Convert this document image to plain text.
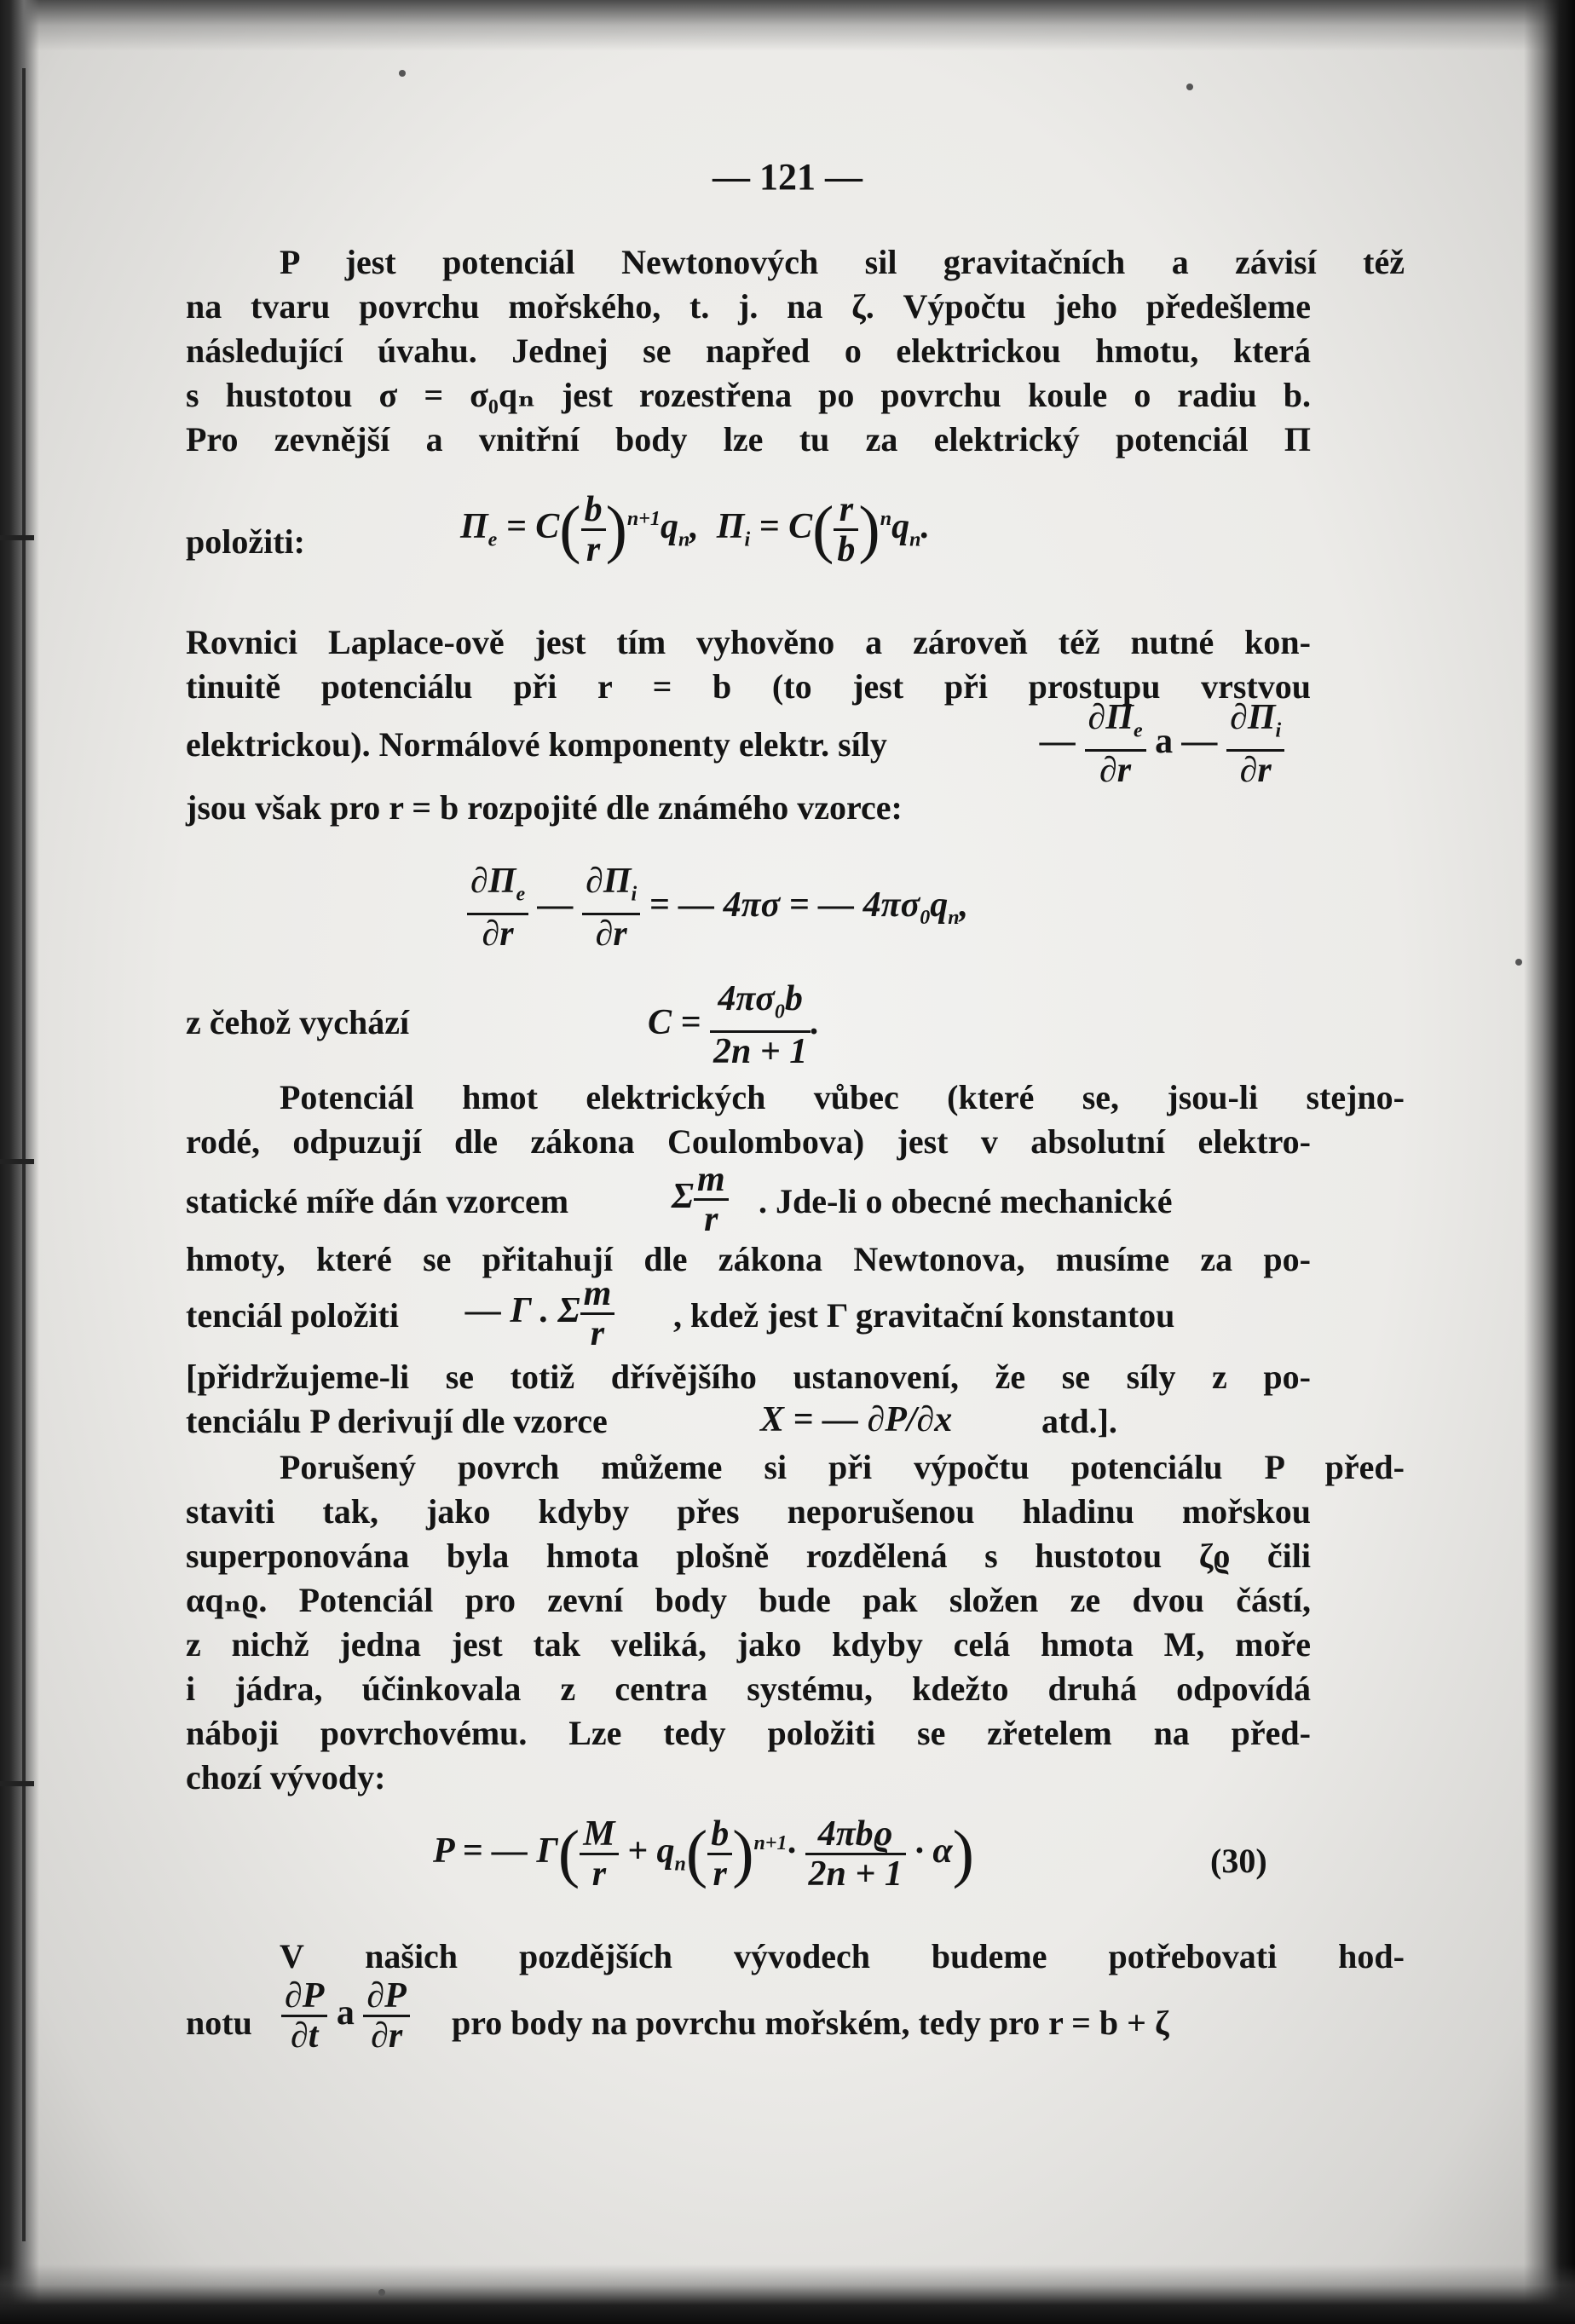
— 121 —

P jest potenciál Newtonových sil gravitačních a závisí též

na tvaru povrchu mořského, t. j. na ζ. Výpočtu jeho předešleme

následující úvahu. Jednej se napřed o elektrickou hmotu, která

s hustotou σ = σ₀qₙ jest rozestřena po povrchu koule o radiu b.

Pro zevnější a vnitřní body lze tu za elektrický potenciál Π

položiti:	$\Pi_e = C( \frac{b}{r} )^{n+1}q_n$,  $\Pi_i = C( \frac{r}{b} )^nq_n$.

Rovnici Laplace-ově jest tím vyhověno a zároveň též nutné kon-

tinuitě potenciálu při r = b (to jest při prostupu vrstvou

elektrickou). Normálové komponenty elektr. síly	— $\frac{\partial\Pi_e}{\partial r}$ a — $\frac{\partial\Pi_i}{\partial r}$

jsou však pro r = b rozpojité dle známého vzorce:

$\frac{\partial\Pi_e}{\partial r}$ — $\frac{\partial\Pi_i}{\partial r}$ = — 4πσ = — $4\pi\sigma_0q_n$,
z čehož vychází	$C = \frac{4\pi\sigma_0b}{2n + 1}$ .

Potenciál hmot elektrických vůbec (které se, jsou-li stejno-

rodé, odpuzují dle zákona Coulombova) jest v absolutní elektro-

statické míře dán vzorcem	Σ $\frac{m}{r}$ . Jde-li o obecné mechanické

hmoty, které se přitahují dle zákona Newtonova, musíme za po-

tenciál položiti	— Γ . Σ $\frac{m}{r}$ , kdež jest Γ gravitační konstantou

[přidržujeme-li se totiž dřívějšího ustanovení, že se síly z po-

tenciálu P derivují dle vzorce	X = — ∂P/∂x	atd.].

Porušený povrch můžeme si při výpočtu potenciálu P před-

staviti tak, jako kdyby přes neporušenou hladinu mořskou

superponována byla hmota plošně rozdělená s hustotou ζϱ čili

αqₙϱ. Potenciál pro zevní body bude pak složen ze dvou částí,

z nichž jedna jest tak veliká, jako kdyby celá hmota M, moře

i jádra, účinkovala z centra systému, kdežto druhá odpovídá

náboji povrchovému. Lze tedy položiti se zřetelem na před-

chozí vývody:

P = — $\Gamma( \frac{M}{r} + q_n( \frac{b}{r} )^{n+1}\cdot \frac{\text{4πbϱ}}{2n + 1} \cdot \alpha)$	(30)

V našich pozdějších vývodech budeme potřebovati hod-

notu $\frac{\partial P}{\partial t}$ a $\frac{\partial P}{\partial r}$ pro body na povrchu mořském, tedy pro r = b + ζ
